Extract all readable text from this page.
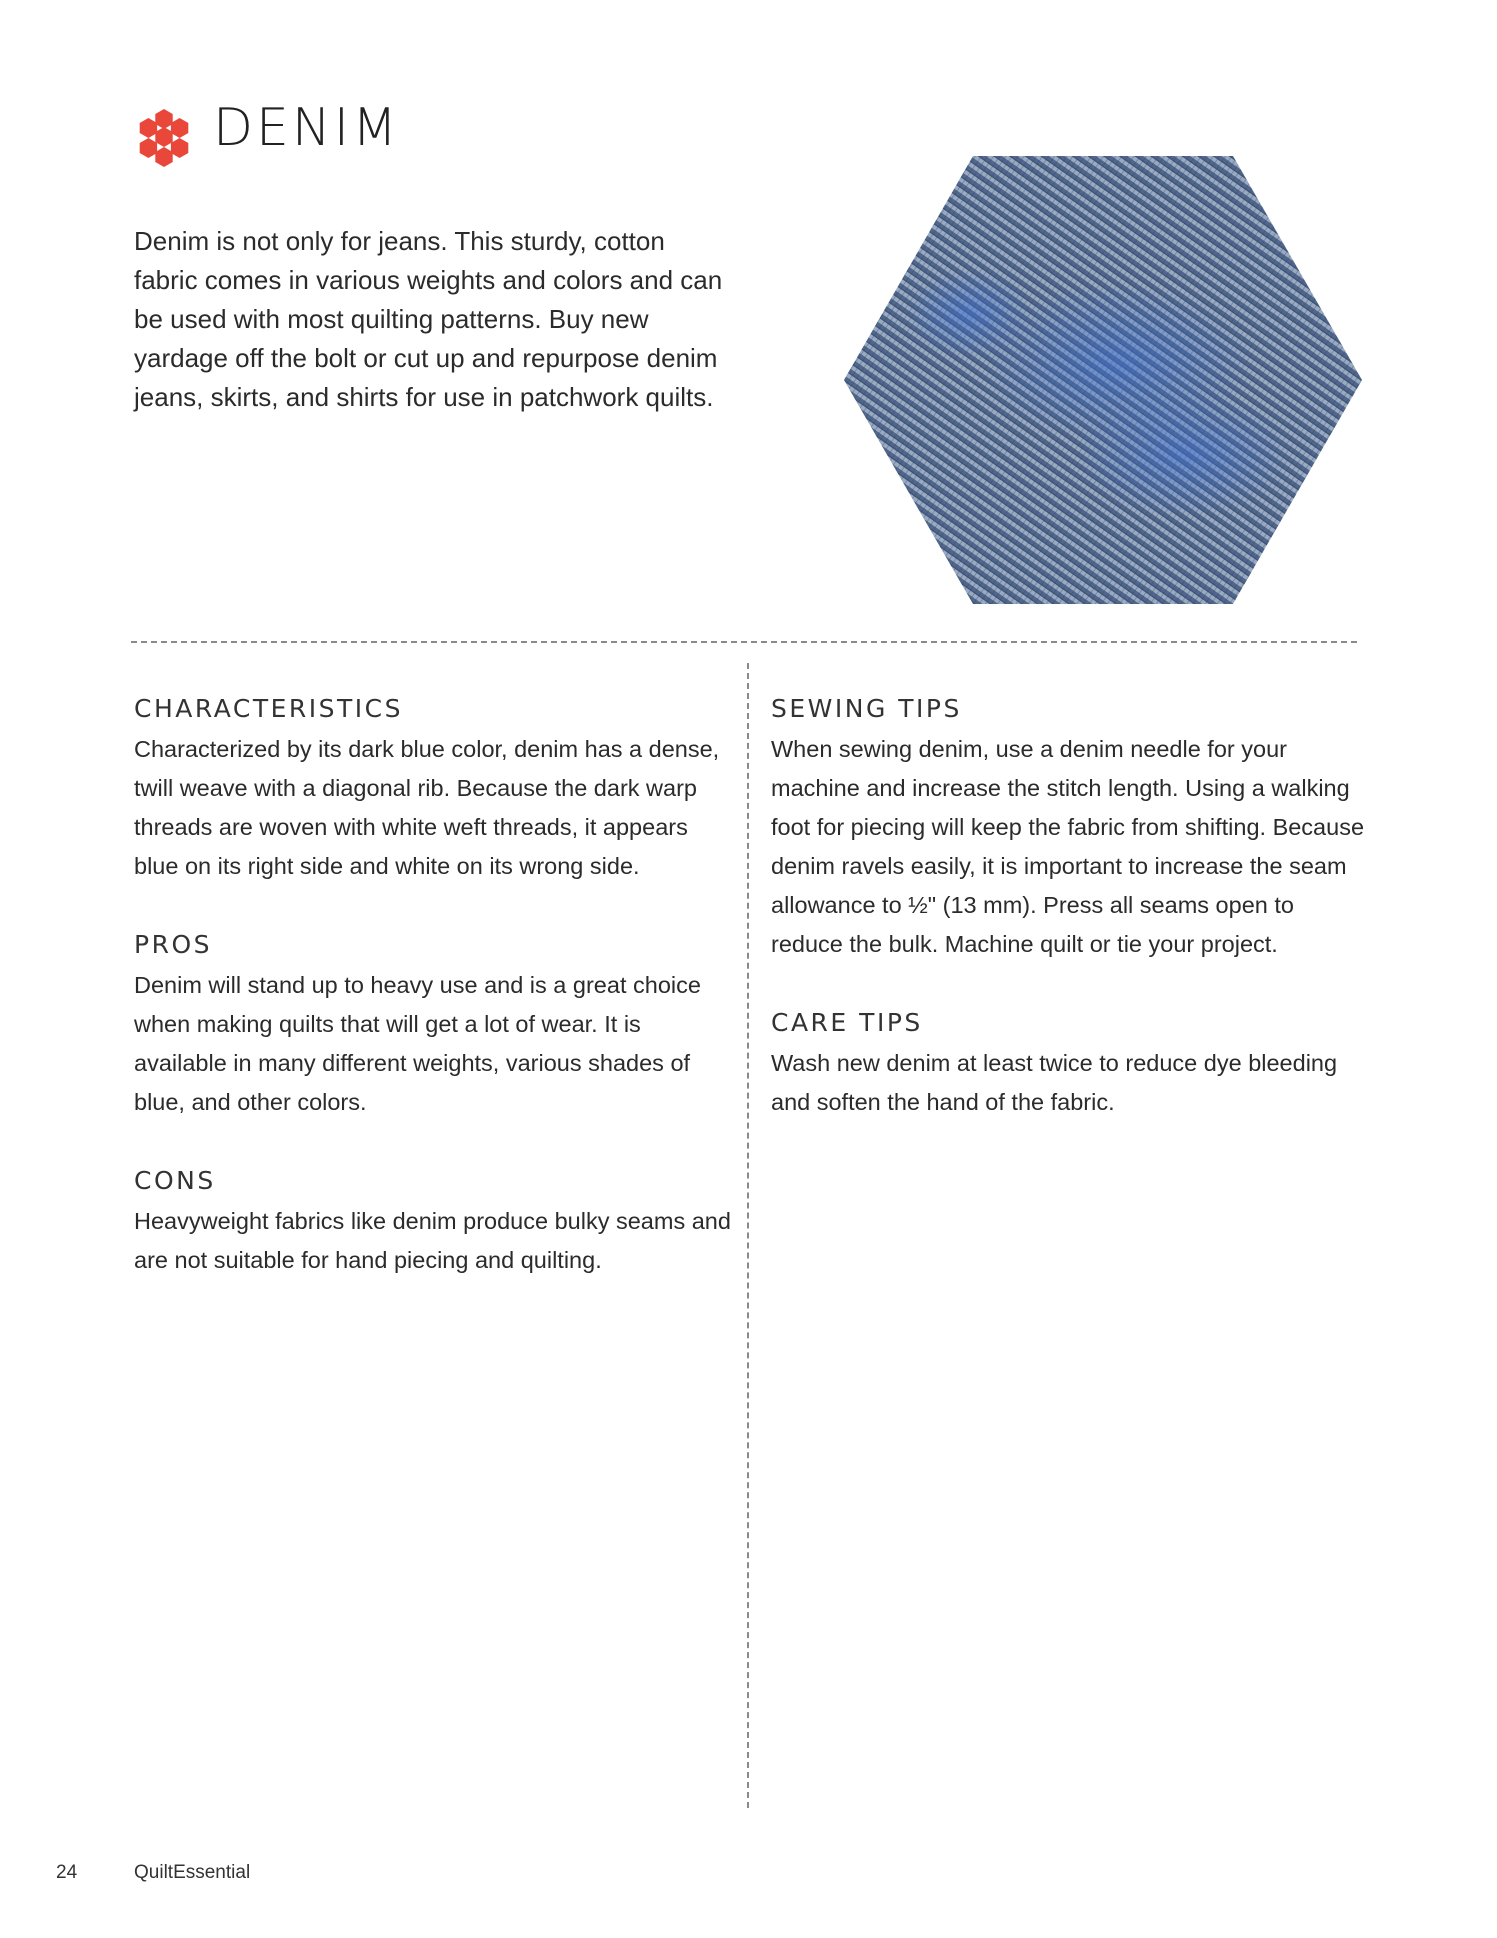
DENIM

Denim is not only for jeans. This sturdy, cotton fabric comes in various weights and colors and can be used with most quilting patterns. Buy new yardage off the bolt or cut up and repurpose denim jeans, skirts, and shirts for use in patchwork quilts.

CHARACTERISTICS

Characterized by its dark blue color, denim has a dense, twill weave with a diagonal rib. Because the dark warp threads are woven with white weft threads, it appears blue on its right side and white on its wrong side.

PROS

Denim will stand up to heavy use and is a great choice when making quilts that will get a lot of wear. It is available in many different weights, various shades of blue, and other colors.

CONS

Heavyweight fabrics like denim produce bulky seams and are not suitable for hand piecing and quilting.

SEWING TIPS

When sewing denim, use a denim needle for your machine and increase the stitch length. Using a walking foot for piecing will keep the fabric from shifting. Because denim ravels easily, it is important to increase the seam allowance to ½" (13 mm). Press all seams open to reduce the bulk. Machine quilt or tie your project.

CARE TIPS

Wash new denim at least twice to reduce dye bleeding and soften the hand of the fabric.

24	QuiltEssential
